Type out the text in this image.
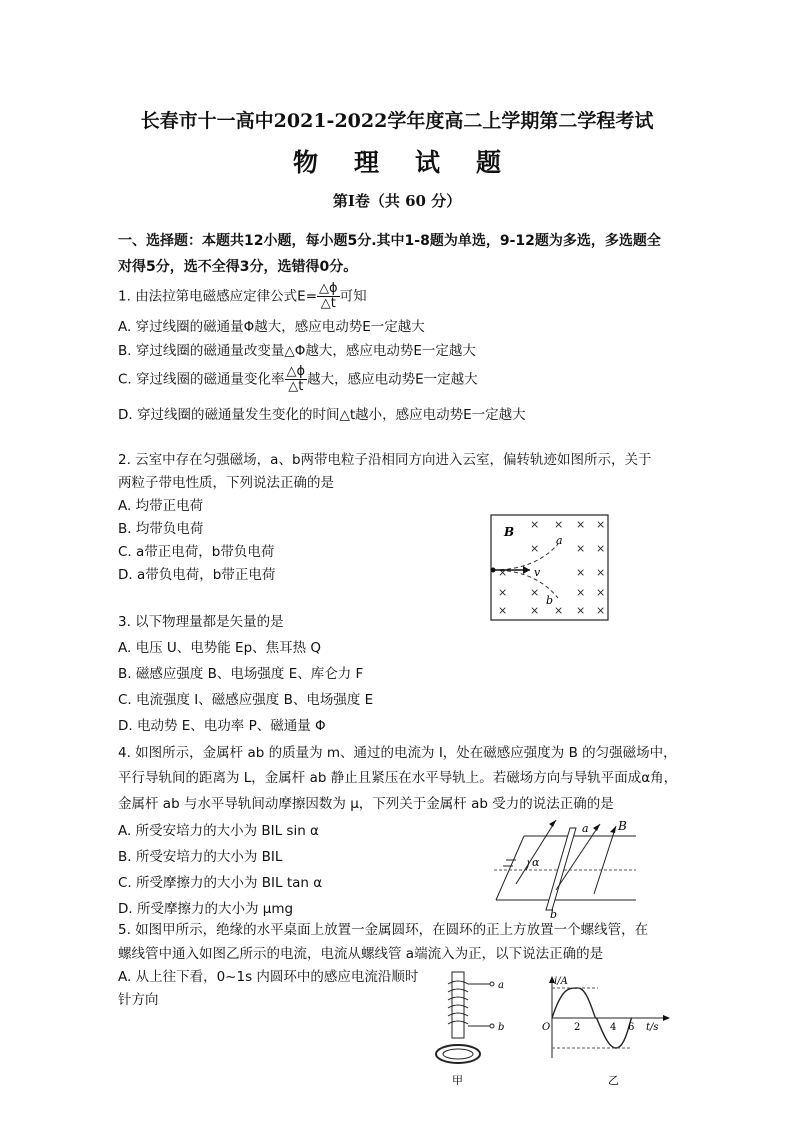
长春市十一高中2021-2022学年度高二上学期第二学程考试
物 理 试 题
第Ⅰ卷（共 60 分）
一、选择题：本题共12小题，每小题5分.其中1-8题为单选，9-12题为多选，多选题全
对得5分，选不全得3分，选错得0分。
1. 由法拉第电磁感应定律公式$E= \frac{\triangle\phi}{\triangle t}$ 可知
A. 穿过线圈的磁通量Φ越大，感应电动势E一定越大
B. 穿过线圈的磁通量改变量△Φ越大，感应电动势E一定越大
C. 穿过线圈的磁通量变化率 $\frac{\triangle\phi}{\triangle t}$ 越大，感应电动势E一定越大
D. 穿过线圈的磁通量发生变化的时间△t越小，感应电动势E一定越大
2. 云室中存在匀强磁场，a、b两带电粒子沿相同方向进入云室，偏转轨迹如图所示，关于
两粒子带电性质，下列说法正确的是
A. 均带正电荷
B. 均带负电荷
C. a带正电荷，b带负电荷
D. a带负电荷，b带正电荷
× × × ×
×	× ×
×	× ×
× ×	× ×
× × × × ×
B
a
v
b
3. 以下物理量都是矢量的是
A. 电压 U、电势能 Ep、焦耳热 Q
B. 磁感应强度 B、电场强度 E、库仑力 F
C. 电流强度 I、磁感应强度 B、电场强度 E
D. 电动势 E、电功率 P、磁通量 Φ
4. 如图所示，金属杆 ab 的质量为 m、通过的电流为 I，处在磁感应强度为 B 的匀强磁场中，
平行导轨间的距离为 L，金属杆 ab 静止且紧压在水平导轨上。若磁场方向与导轨平面成α角，
金属杆 ab 与水平导轨间动摩擦因数为 μ，下列关于金属杆 ab 受力的说法正确的是
A. 所受安培力的大小为 BIL sin α
B. 所受安培力的大小为 BIL
C. 所受摩擦力的大小为 BIL tan α
D. 所受摩擦力的大小为 μmg
α
a
b
B
5. 如图甲所示，绝缘的水平桌面上放置一金属圆环，在圆环的正上方放置一个螺线管，在
螺线管中通入如图乙所示的电流，电流从螺线管 a端流入为正，以下说法正确的是
A. 从上往下看，0~1s 内圆环中的感应电流沿顺时
针方向
a
b
甲
i/A
t/s
O 2	4 6
乙
